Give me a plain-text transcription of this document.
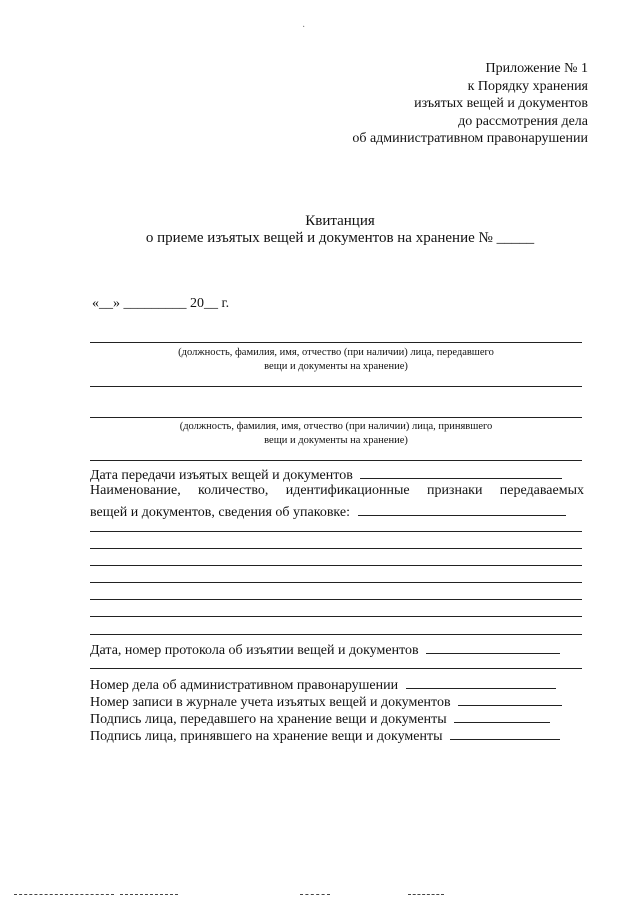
·
Приложение № 1
к Порядку хранения
изъятых вещей и документов
до рассмотрения дела
об административном правонарушении
Квитанция
о приеме изъятых вещей и документов на хранение № _____
«__» _________ 20__ г.
(должность, фамилия, имя, отчество (при наличии) лица, передавшего
вещи и документы на хранение)
(должность, фамилия, имя, отчество (при наличии) лица, принявшего
вещи и документы на хранение)
Дата передачи изъятых вещей и документов
Наименование, количество, идентификационные признаки передаваемых
вещей и документов, сведения об упаковке:
Дата, номер протокола об изъятии вещей и документов
Номер дела об административном правонарушении
Номер записи в журнале учета изъятых вещей и документов
Подпись лица, передавшего на хранение вещи и документы
Подпись лица, принявшего на хранение вещи и документы
